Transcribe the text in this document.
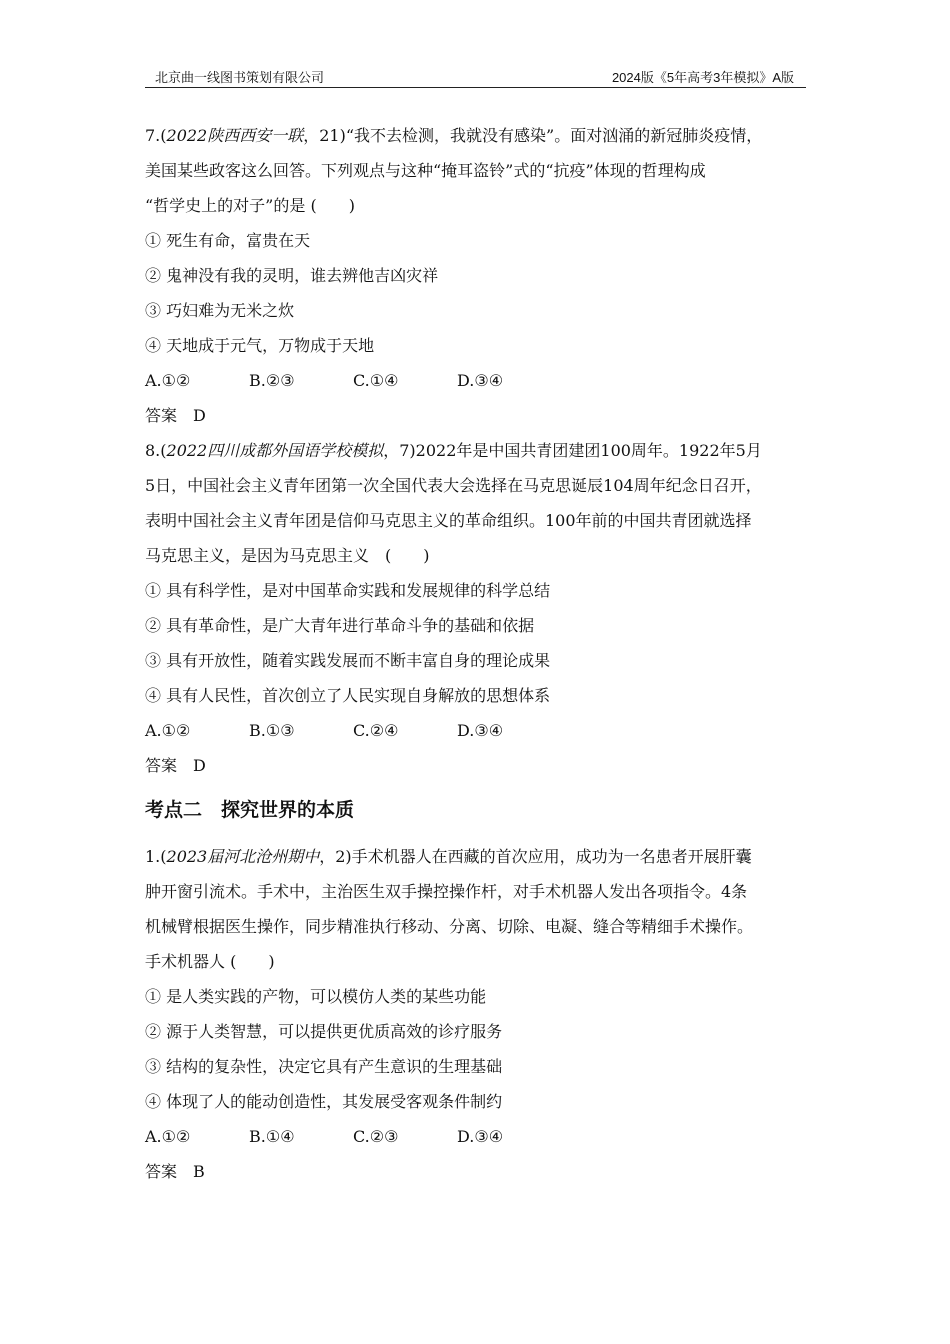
北京曲一线图书策划有限公司	2024版《5年高考3年模拟》A版
7.(2022陕西西安一联，21)“我不去检测，我就没有感染”。面对汹涌的新冠肺炎疫情，
美国某些政客这么回答。下列观点与这种“掩耳盗铃”式的“抗疫”体现的哲理构成
“哲学史上的对子”的是 (　　)
① 死生有命，富贵在天
② 鬼神没有我的灵明，谁去辨他吉凶灾祥
③ 巧妇难为无米之炊
④ 天地成于元气，万物成于天地
A.①②	B.②③	C.①④	D.③④
答案　D
8.(2022四川成都外国语学校模拟，7)2022年是中国共青团建团100周年。1922年5月
5日，中国社会主义青年团第一次全国代表大会选择在马克思诞辰104周年纪念日召开，
表明中国社会主义青年团是信仰马克思主义的革命组织。100年前的中国共青团就选择
马克思主义，是因为马克思主义　(　　)
① 具有科学性，是对中国革命实践和发展规律的科学总结
② 具有革命性，是广大青年进行革命斗争的基础和依据
③ 具有开放性，随着实践发展而不断丰富自身的理论成果
④ 具有人民性，首次创立了人民实现自身解放的思想体系
A.①②	B.①③	C.②④	D.③④
答案　D
考点二　探究世界的本质
1.(2023届河北沧州期中，2)手术机器人在西藏的首次应用，成功为一名患者开展肝囊
肿开窗引流术。手术中，主治医生双手操控操作杆，对手术机器人发出各项指令。4条
机械臂根据医生操作，同步精准执行移动、分离、切除、电凝、缝合等精细手术操作。
手术机器人 (　　)
① 是人类实践的产物，可以模仿人类的某些功能
② 源于人类智慧，可以提供更优质高效的诊疗服务
③ 结构的复杂性，决定它具有产生意识的生理基础
④ 体现了人的能动创造性，其发展受客观条件制约
A.①②	B.①④	C.②③	D.③④
答案　B
